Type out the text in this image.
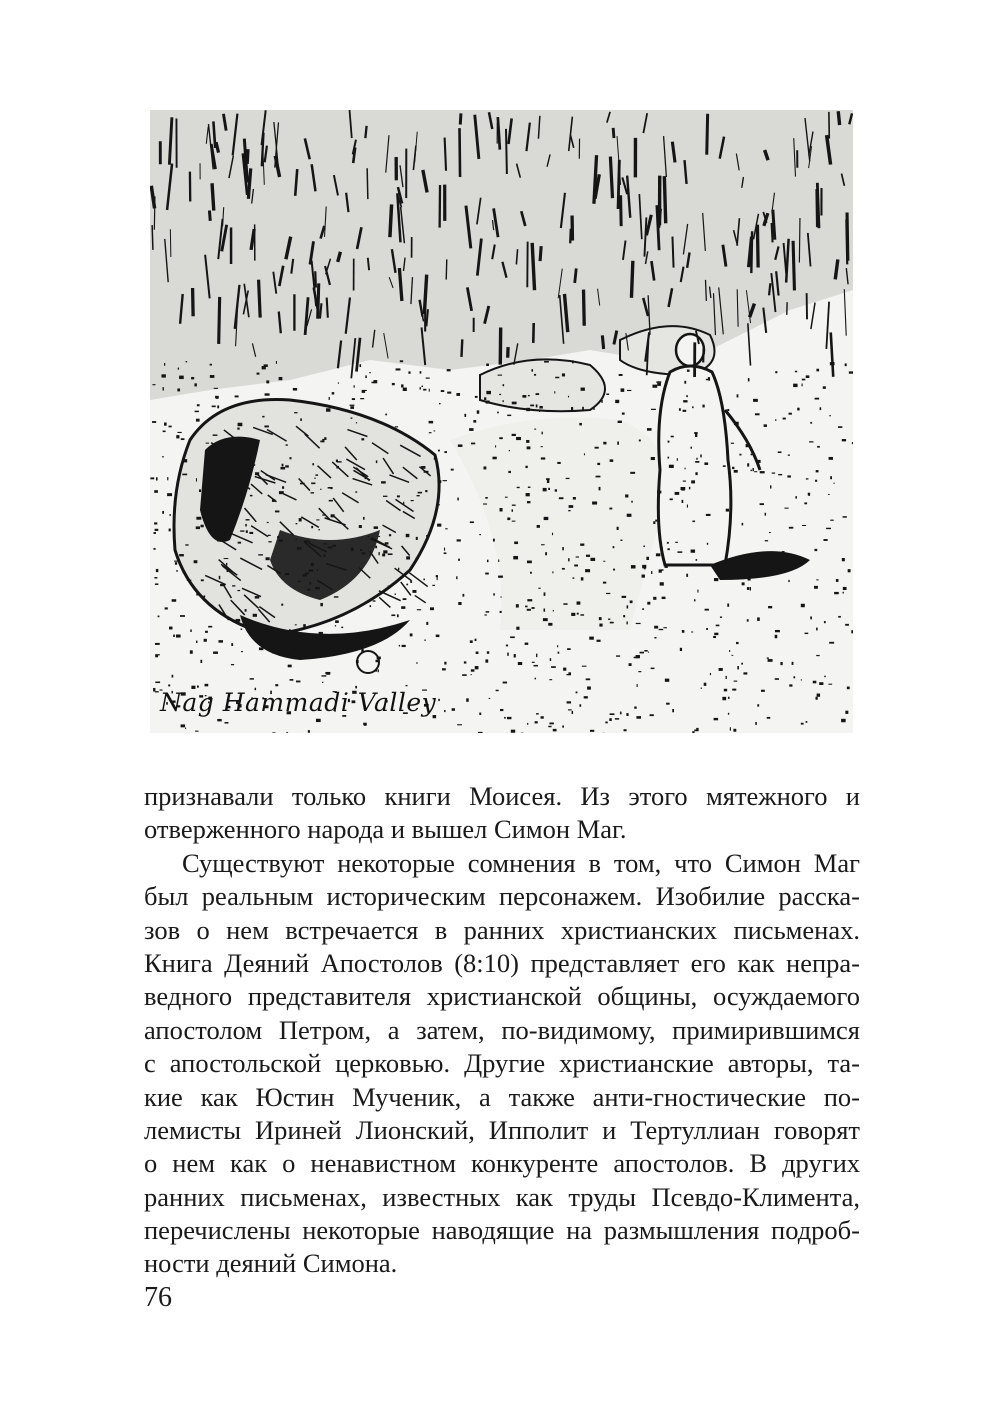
Nag Hammadi Valley
признавали только книги Моисея. Из этого мятежного и
отверженного народа и вышел Симон Маг.
Существуют некоторые сомнения в том, что Симон Маг
был реальным историческим персонажем. Изобилие расска-
зов о нем встречается в ранних христианских письменах.
Книга Деяний Апостолов (8:10) представляет его как непра-
ведного представителя христианской общины, осуждаемого
апостолом Петром, а затем, по-видимому, примирившимся
с апостольской церковью. Другие христианские авторы, та-
кие как Юстин Мученик, а также анти-гностические по-
лемисты Ириней Лионский, Ипполит и Тертуллиан говорят
о нем как о ненавистном конкуренте апостолов. В других
ранних письменах, известных как труды Псевдо-Климента,
перечислены некоторые наводящие на размышления подроб-
ности деяний Симона.
76
